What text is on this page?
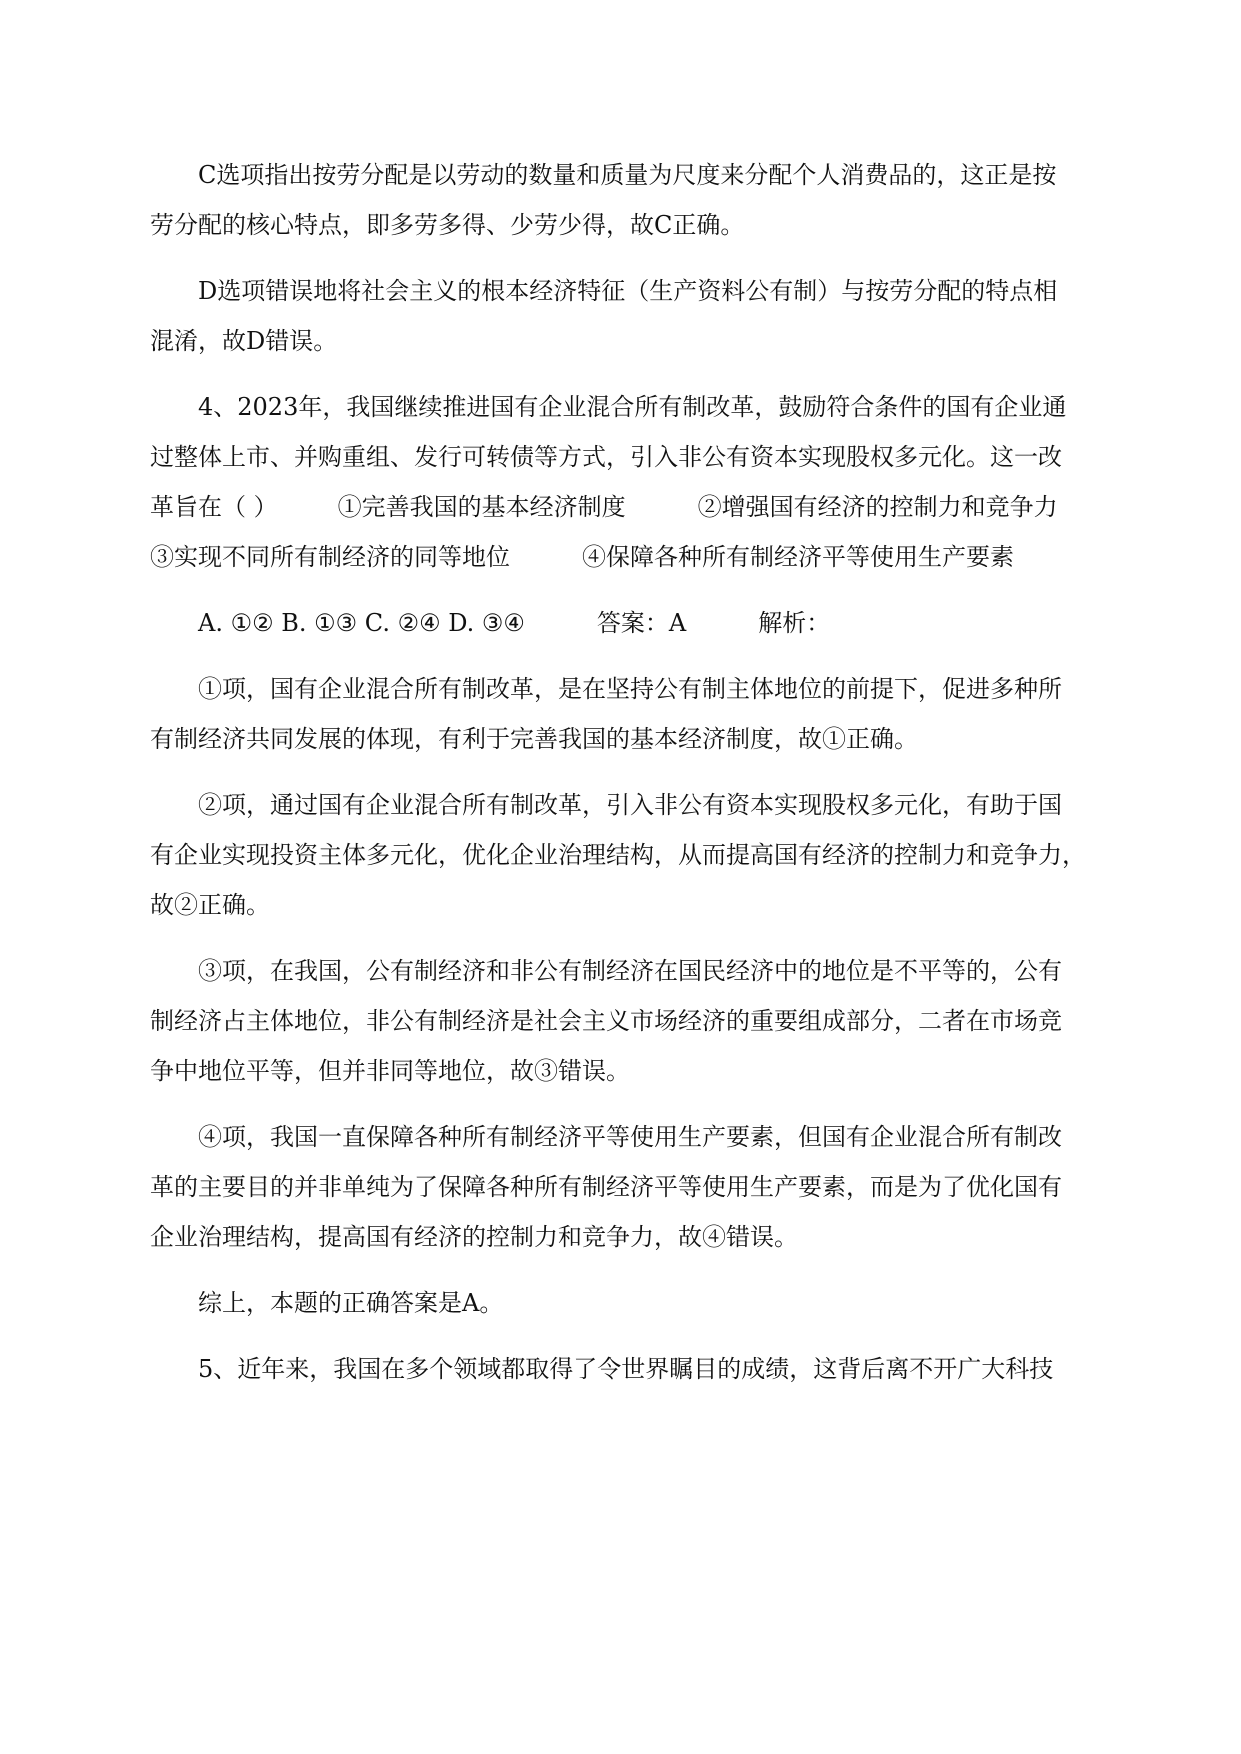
C选项指出按劳分配是以劳动的数量和质量为尺度来分配个人消费品的，这正是按
劳分配的核心特点，即多劳多得、少劳少得，故C正确。
D选项错误地将社会主义的根本经济特征（生产资料公有制）与按劳分配的特点相
混淆，故D错误。
4、2023年，我国继续推进国有企业混合所有制改革，鼓励符合条件的国有企业通
过整体上市、并购重组、发行可转债等方式，引入非公有资本实现股权多元化。这一改
革旨在（ ）　　　①完善我国的基本经济制度　　　②增强国有经济的控制力和竞争力
③实现不同所有制经济的同等地位　　　④保障各种所有制经济平等使用生产要素
A. ①② B. ①③ C. ②④ D. ③④　　　答案：A　　　解析：
①项，国有企业混合所有制改革，是在坚持公有制主体地位的前提下，促进多种所
有制经济共同发展的体现，有利于完善我国的基本经济制度，故①正确。
②项，通过国有企业混合所有制改革，引入非公有资本实现股权多元化，有助于国
有企业实现投资主体多元化，优化企业治理结构，从而提高国有经济的控制力和竞争力，
故②正确。
③项，在我国，公有制经济和非公有制经济在国民经济中的地位是不平等的，公有
制经济占主体地位，非公有制经济是社会主义市场经济的重要组成部分，二者在市场竞
争中地位平等，但并非同等地位，故③错误。
④项，我国一直保障各种所有制经济平等使用生产要素，但国有企业混合所有制改
革的主要目的并非单纯为了保障各种所有制经济平等使用生产要素，而是为了优化国有
企业治理结构，提高国有经济的控制力和竞争力，故④错误。
综上，本题的正确答案是A。
5、近年来，我国在多个领域都取得了令世界瞩目的成绩，这背后离不开广大科技
